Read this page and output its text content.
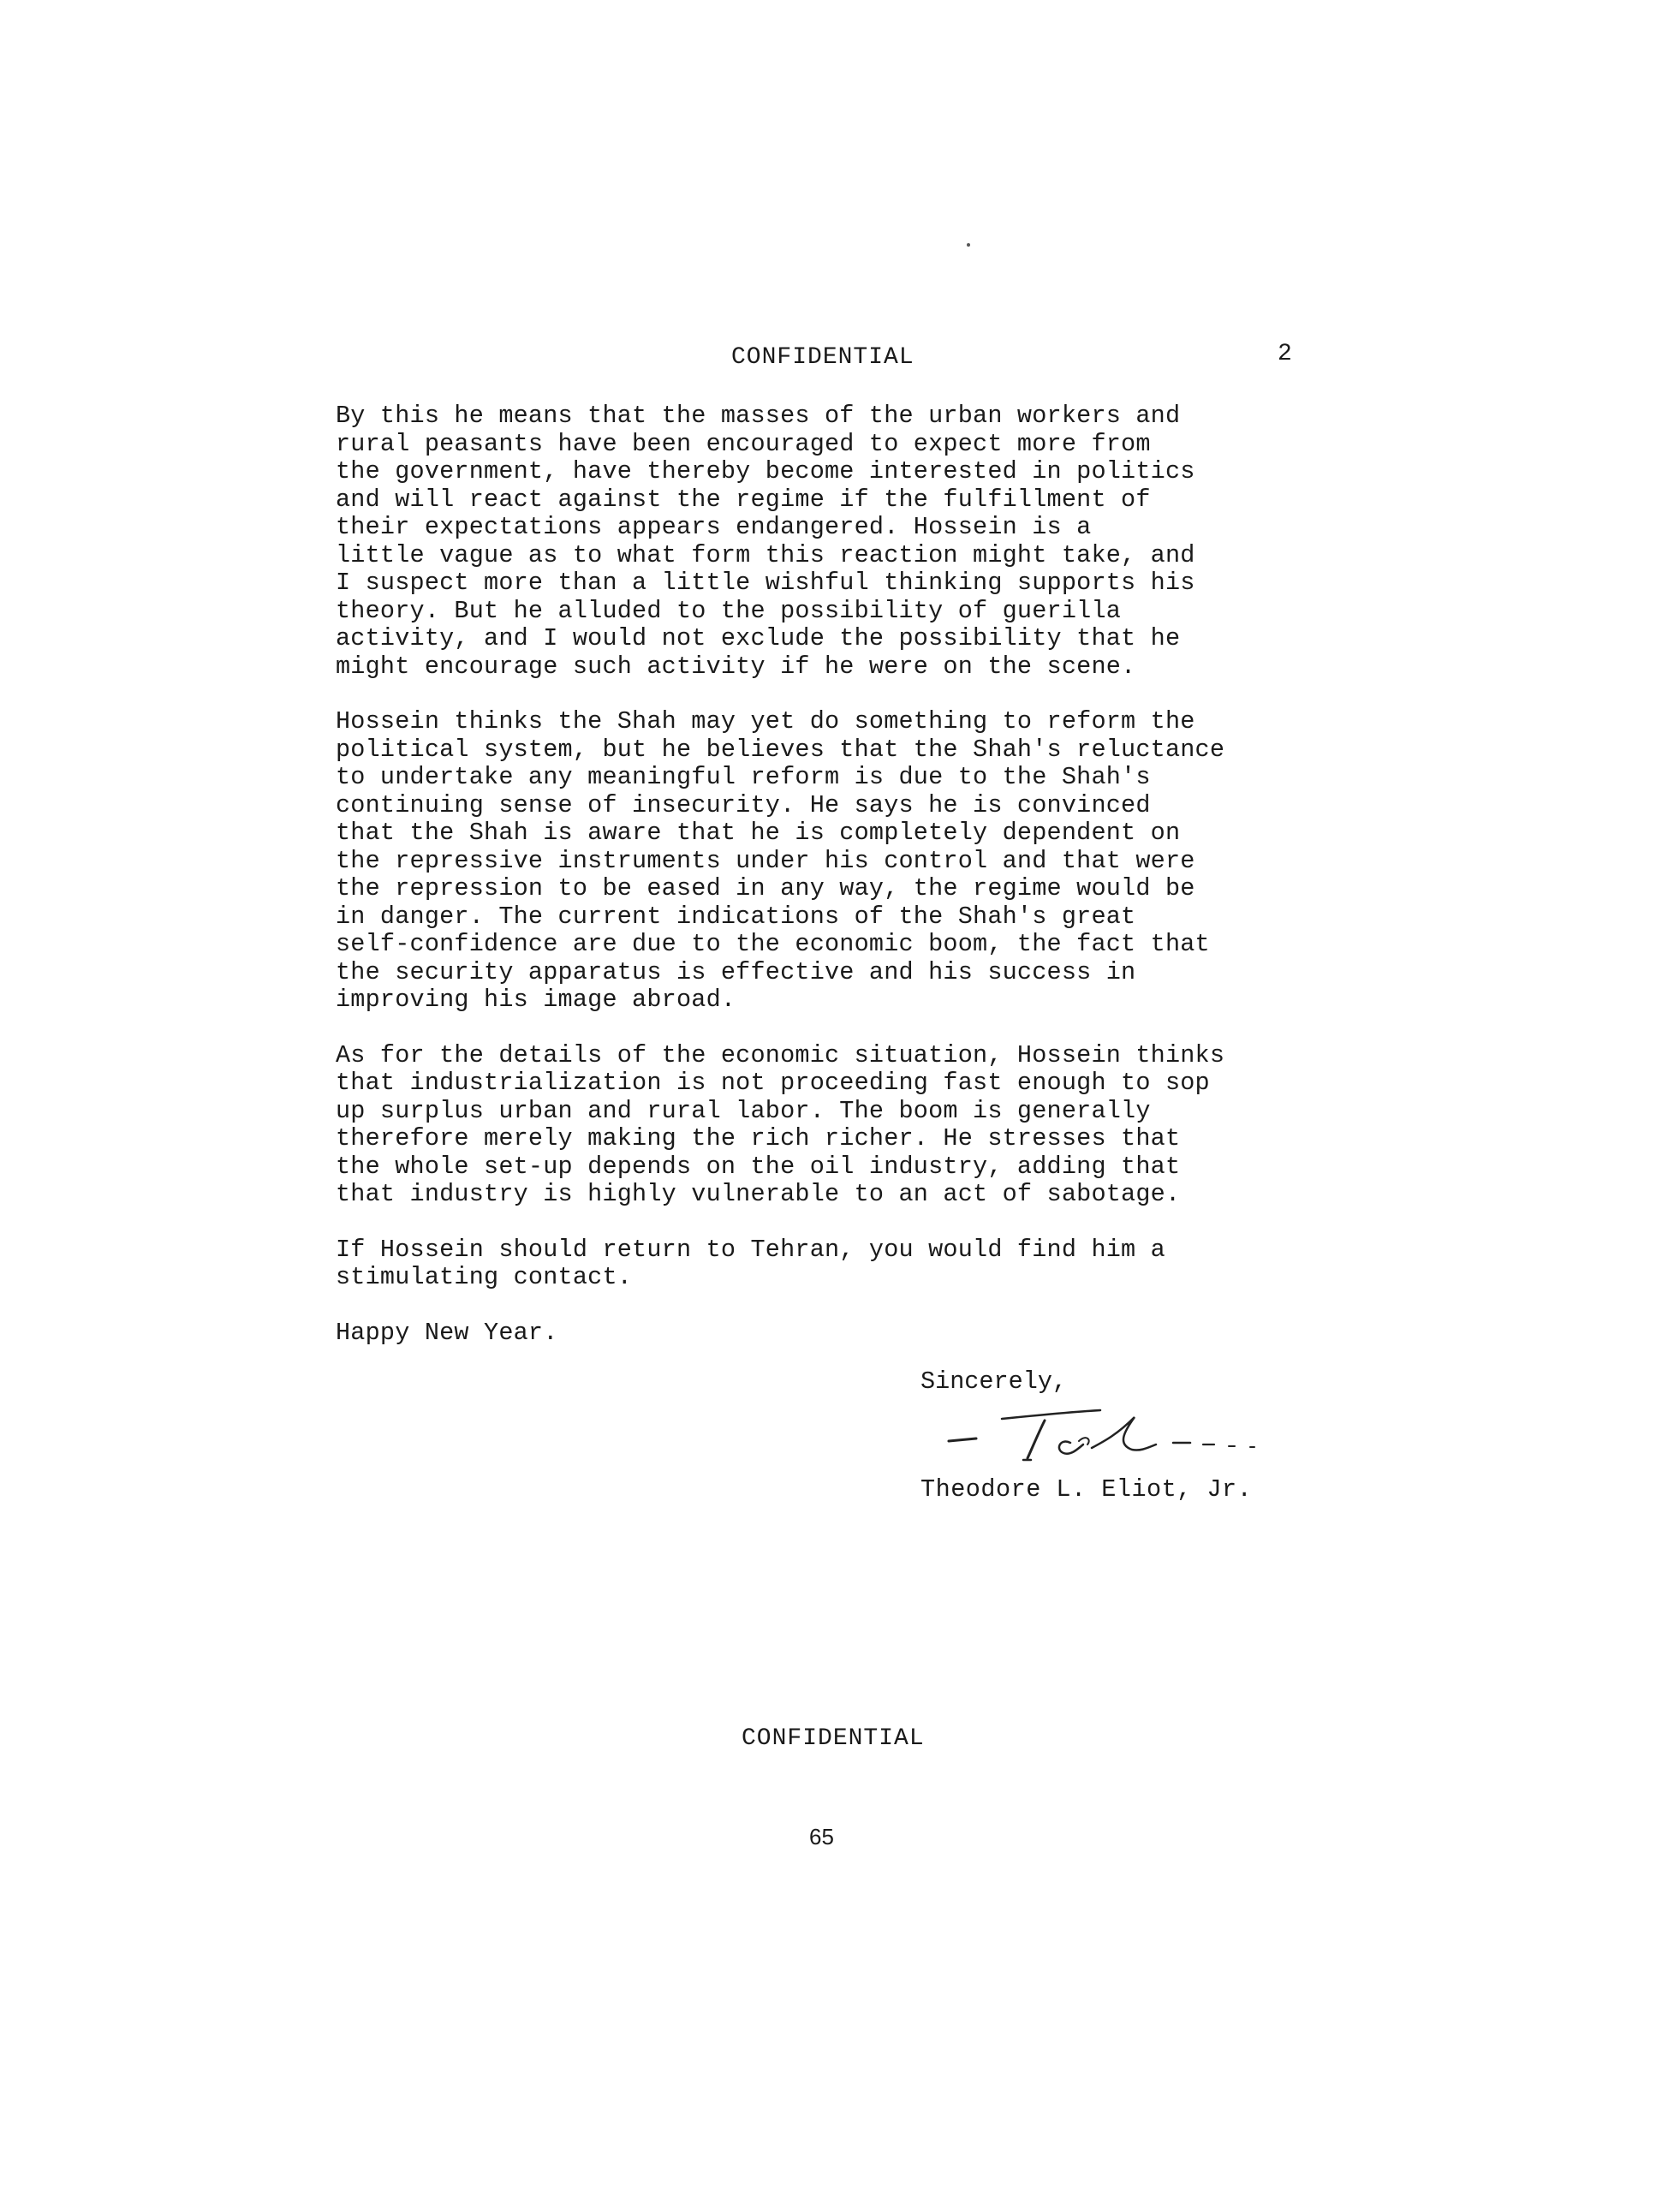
CONFIDENTIAL	2

By this he means that the masses of the urban workers and
rural peasants have been encouraged to expect more from
the government, have thereby become interested in politics
and will react against the regime if the fulfillment of
their expectations appears endangered. Hossein is a
little vague as to what form this reaction might take, and
I suspect more than a little wishful thinking supports his
theory. But he alluded to the possibility of guerilla
activity, and I would not exclude the possibility that he
might encourage such activity if he were on the scene.

Hossein thinks the Shah may yet do something to reform the
political system, but he believes that the Shah's reluctance
to undertake any meaningful reform is due to the Shah's
continuing sense of insecurity. He says he is convinced
that the Shah is aware that he is completely dependent on
the repressive instruments under his control and that were
the repression to be eased in any way, the regime would be
in danger. The current indications of the Shah's great
self-confidence are due to the economic boom, the fact that
the security apparatus is effective and his success in
improving his image abroad.

As for the details of the economic situation, Hossein thinks
that industrialization is not proceeding fast enough to sop
up surplus urban and rural labor. The boom is generally
therefore merely making the rich richer. He stresses that
the whole set-up depends on the oil industry, adding that
that industry is highly vulnerable to an act of sabotage.

If Hossein should return to Tehran, you would find him a
stimulating contact.

Happy New Year.

Sincerely,
Theodore L. Eliot, Jr.
CONFIDENTIAL
65
